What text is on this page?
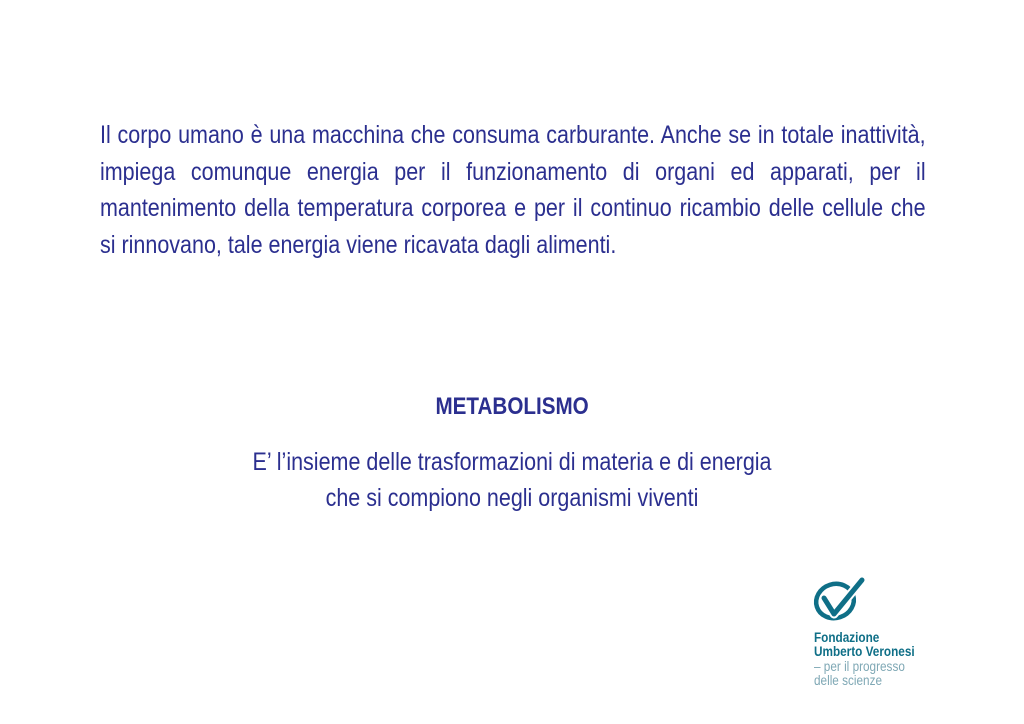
Il corpo umano è una macchina che consuma carburante. Anche se in totale inattività, impiega comunque energia per il funzionamento di organi ed apparati, per il mantenimento della temperatura corporea e per il continuo ricambio delle cellule che si rinnovano, tale energia viene ricavata dagli alimenti.

METABOLISMO

E’ l’insieme delle trasformazioni di materia e di energia che si compiono negli organismi viventi

Fondazione

Umberto Veronesi

– per il progresso

delle scienze
